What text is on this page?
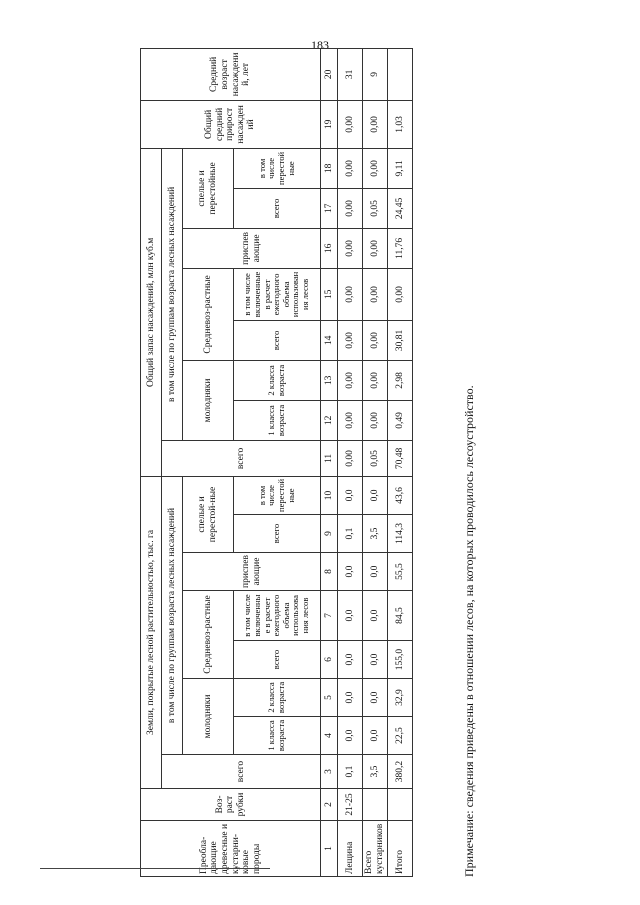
183
Преобла-дающие древесные и кустарни-ковые породы	Воз-раст рубки	Земли, покрытые лесной растительностью, тыс. га								Общий запас насаждений, млн куб.м								Общий средний прирост насаждений	Средний возраст насаждений, лет
		всего	в том числе по группам возраста лесных насаждений							всего	в том числе по группам возраста лесных насаждений								
			молодняки		Средневоз-растные		приспевающие	спелые и перестой-ные			молодняки		Средневоз-растные		приспевающие	спелые и перестойные			
			1 класса возраста	2 класса возраста	всего	в том числе включенные в расчет ежегодного объема использования лесов		всего	в том числе перестойные		1 класса возраста	2 класса возраста	всего	в том числе включенные в расчет ежегодного объема использования лесов		всего	в том числе перестойные		
1	2	3	4	5	6	7	8	9	10	11	12	13	14	15	16	17	18	19	20
Лещина	21-25	0,1	0,0	0,0	0,0	0,0	0,0	0,1	0,0	0,00	0,00	0,00	0,00	0,00	0,00	0,00	0,00	0,00	31
Всего кустарников		3,5	0,0	0,0	0,0	0,0	0,0	3,5	0,0	0,05	0,00	0,00	0,00	0,00	0,00	0,05	0,00	0,00	9
Итого		380,2	22,5	32,9	155,0	84,5	55,5	114,3	43,6	70,48	0,49	2,98	30,81	0,00	11,76	24,45	9,11	1,03	
Примечание: сведения приведены в отношении лесов, на которых проводилось лесоустройство.
